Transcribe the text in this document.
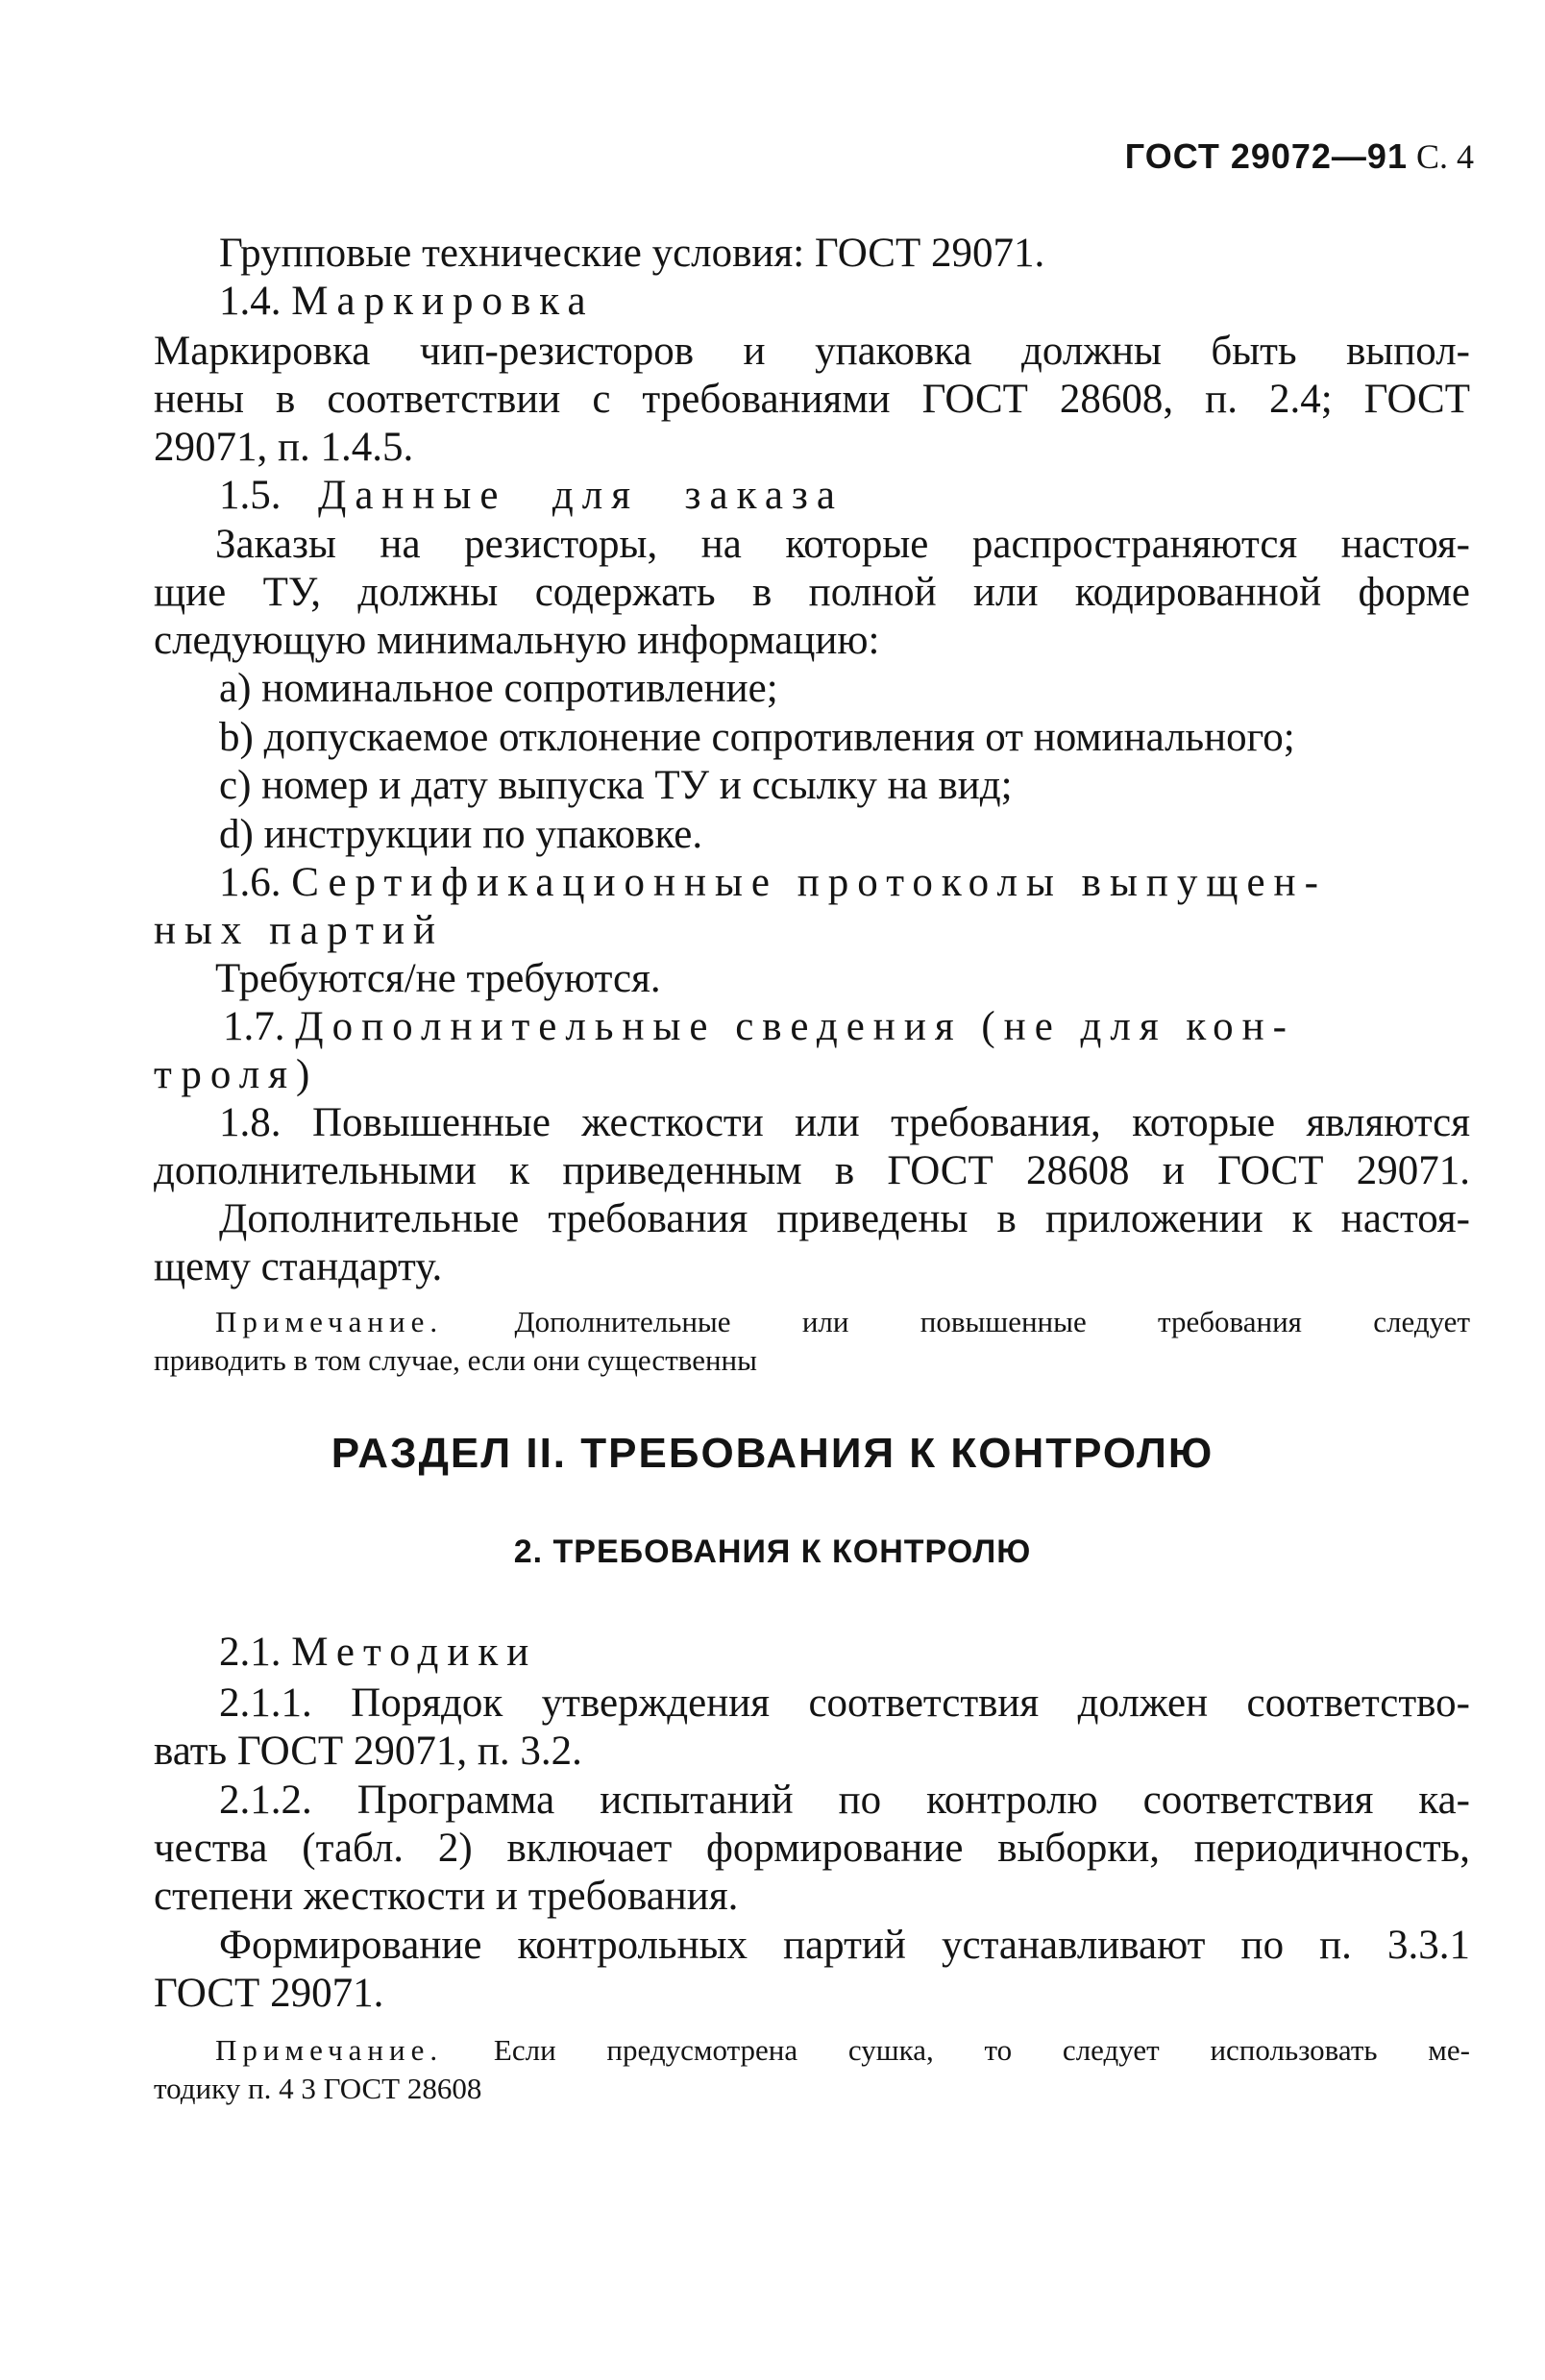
ГОСТ 29072—91 С. 4
Групповые технические условия: ГОСТ 29071.
1.4. Маркировка
Маркировка чип-резисторов и упаковка должны быть выпол-
нены в соответствии с требованиями ГОСТ 28608, п. 2.4; ГОСТ
29071, п. 1.4.5.
1.5. Данные для заказа
Заказы на резисторы, на которые распространяются настоя-
щие ТУ, должны содержать в полной или кодированной форме
следующую минимальную информацию:
a) номинальное сопротивление;
b) допускаемое отклонение сопротивления от номинального;
c) номер и дату выпуска ТУ и ссылку на вид;
d) инструкции по упаковке.
1.6. Сертификационные протоколы выпущен-
ных партий
Требуются/не требуются.
1.7. Дополнительные сведения (не для кон-
троля)
1.8. Повышенные жесткости или требования, которые являются
дополнительными к приведенным в ГОСТ 28608 и ГОСТ 29071.
Дополнительные требования приведены в приложении к настоя-
щему стандарту.
Примечание. Дополнительные или повышенные требования следует
приводить в том случае, если они существенны
РАЗДЕЛ II. ТРЕБОВАНИЯ К КОНТРОЛЮ
2. ТРЕБОВАНИЯ К КОНТРОЛЮ
2.1. Методики
2.1.1. Порядок утверждения соответствия должен соответство-
вать ГОСТ 29071, п. 3.2.
2.1.2. Программа испытаний по контролю соответствия ка-
чества (табл. 2) включает формирование выборки, периодичность,
степени жесткости и требования.
Формирование контрольных партий устанавливают по п. 3.3.1
ГОСТ 29071.
Примечание. Если предусмотрена сушка, то следует использовать ме-
тодику п. 4 3 ГОСТ 28608
